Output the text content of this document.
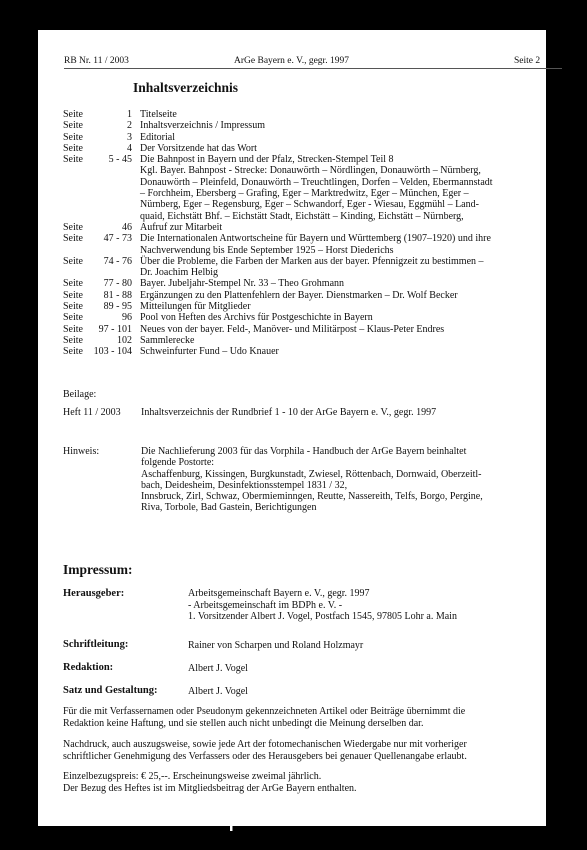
RB Nr. 11 / 2003	ArGe Bayern e. V., gegr. 1997	Seite 2
Inhaltsverzeichnis
Seite	1 Titelseite
Seite	2 Inhaltsverzeichnis / Impressum
Seite	3 Editorial
Seite	4 Der Vorsitzende hat das Wort
Seite	5 - 45 Die Bahnpost in Bayern und der Pfalz, Strecken-Stempel Teil 8
Kgl. Bayer. Bahnpost - Strecke: Donauwörth – Nördlingen, Donauwörth – Nürnberg,
Donauwörth – Pleinfeld, Donauwörth – Treuchtlingen, Dorfen – Velden, Ebermannstadt
– Forchheim, Ebersberg – Grafing, Eger – Marktredwitz, Eger – München, Eger –
Nürnberg, Eger – Regensburg, Eger – Schwandorf, Eger - Wiesau, Eggmühl – Land-
quaid, Eichstätt Bhf. – Eichstätt Stadt, Eichstätt – Kinding, Eichstätt – Nürnberg,
Seite	46 Aufruf zur Mitarbeit
Seite	47 - 73 Die Internationalen Antwortscheine für Bayern und Württemberg (1907–1920) und ihre
Nachverwendung bis Ende September 1925 – Horst Diederichs
Seite	74 - 76 Über die Probleme, die Farben der Marken aus der bayer. Pfennigzeit zu bestimmen –
Dr. Joachim Helbig
Seite	77 - 80 Bayer. Jubeljahr-Stempel Nr. 33 – Theo Grohmann
Seite	81 - 88 Ergänzungen zu den Plattenfehlern der Bayer. Dienstmarken – Dr. Wolf Becker
Seite	89 - 95 Mitteilungen für Mitglieder
Seite	96 Pool von Heften des Archivs für Postgeschichte in Bayern
Seite	97 - 101 Neues von der bayer. Feld-, Manöver- und Militärpost – Klaus-Peter Endres
Seite	102 Sammlerecke
Seite	103 - 104 Schweinfurter Fund – Udo Knauer
Beilage:
Heft 11 / 2003 Inhaltsverzeichnis der Rundbrief 1 - 10 der ArGe Bayern e. V., gegr. 1997
Hinweis:	Die Nachlieferung 2003 für das Vorphila - Handbuch der ArGe Bayern beinhaltet
folgende Postorte:
Aschaffenburg, Kissingen, Burgkunstadt, Zwiesel, Röttenbach, Dornwaid, Oberzeitl-
bach, Deidesheim, Desinfektionsstempel 1831 / 32,
Innsbruck, Zirl, Schwaz, Obermieminngen, Reutte, Nassereith, Telfs, Borgo, Pergine,
Riva, Torbole, Bad Gastein, Berichtigungen
Impressum:
Herausgeber:	Arbeitsgemeinschaft Bayern e. V., gegr. 1997
- Arbeitsgemeinschaft im BDPh e. V. -
1. Vorsitzender Albert J. Vogel, Postfach 1545, 97805 Lohr a. Main
Schriftleitung:	Rainer von Scharpen und Roland Holzmayr
Redaktion:	Albert J. Vogel
Satz und Gestaltung:	Albert J. Vogel
Für die mit Verfassernamen oder Pseudonym gekennzeichneten Artikel oder Beiträge übernimmt die
Redaktion keine Haftung, und sie stellen auch nicht unbedingt die Meinung derselben dar.
Nachdruck, auch auszugsweise, sowie jede Art der fotomechanischen Wiedergabe nur mit vorheriger
schriftlicher Genehmigung des Verfassers oder des Herausgebers bei genauer Quellenangabe erlaubt.
Einzelbezugspreis: € 25,--. Erscheinungsweise zweimal jährlich.
Der Bezug des Heftes ist im Mitgliedsbeitrag der ArGe Bayern enthalten.
www.philabooks.com
